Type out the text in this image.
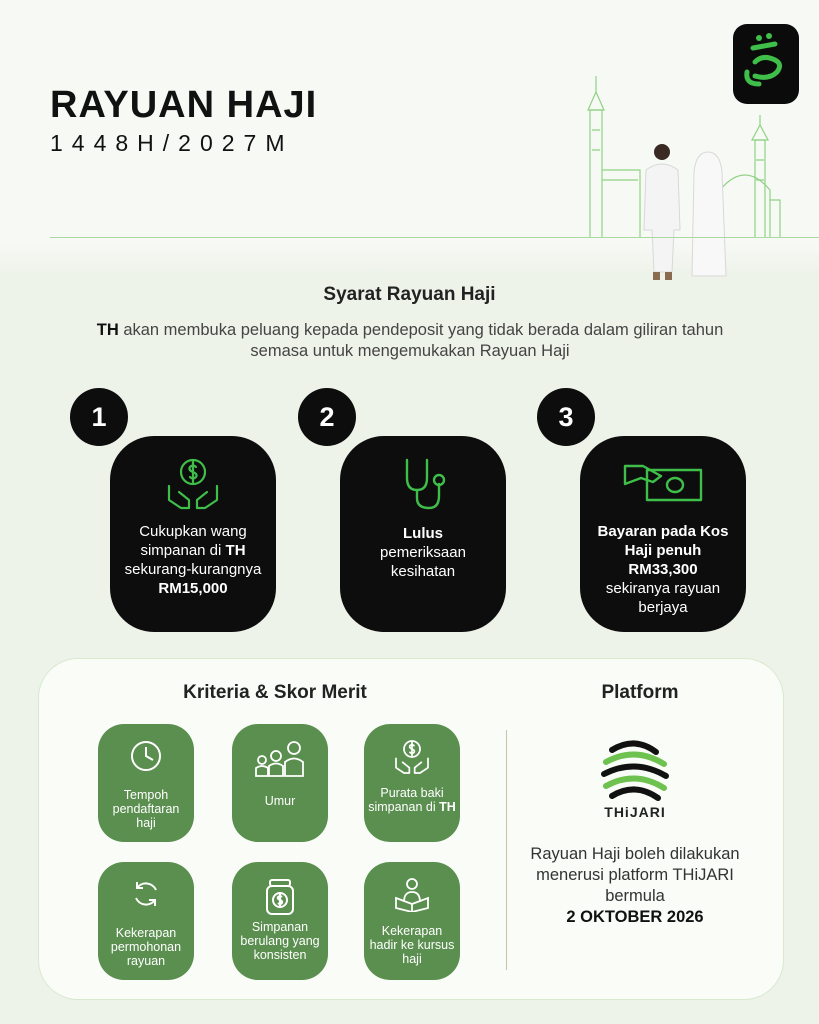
RAYUAN HAJI
1448H/2027M
Syarat Rayuan Haji
TH akan membuka peluang kepada pendeposit yang tidak berada dalam giliran tahun semasa untuk mengemukakan Rayuan Haji
Cukupkan wang simpanan di TH sekurang-kurangnya
RM15,000
1
Lulus
pemeriksaan kesihatan
2
Bayaran pada Kos Haji penuh RM33,300
sekiranya rayuan berjaya
3
Kriteria & Skor Merit	Platform
Tempoh pendaftaran haji
Umur
Purata baki simpanan di TH
Kekerapan permohonan rayuan
Simpanan berulang yang konsisten
Kekerapan hadir ke kursus haji
THiJARI
Rayuan Haji boleh dilakukan menerusi platform THiJARI bermula
2 OKTOBER 2026
